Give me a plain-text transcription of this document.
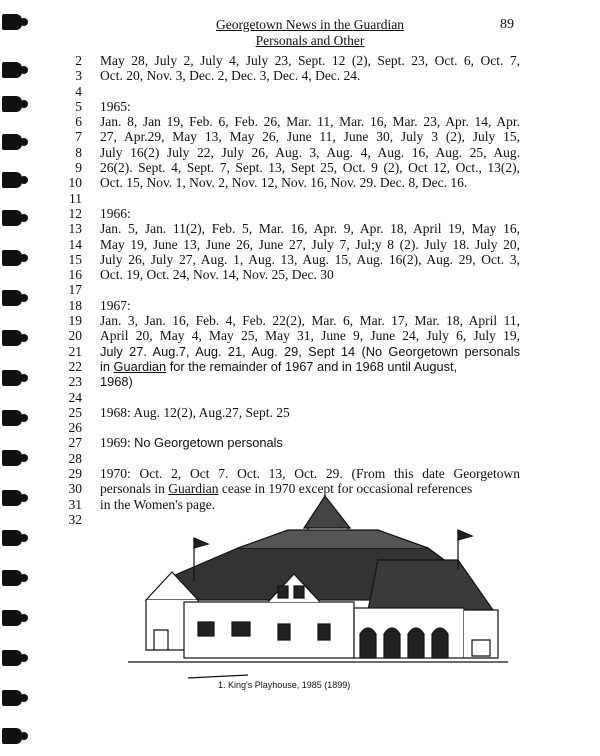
Georgetown News in the Guardian
Personals and Other
89
2
3
4
5
6
7
8
9
10
11
12
13
14
15
16
17
18
19
20
21
22
23
24
25
26
27
28
29
30
31
32
May 28, July 2, July 4, July 23, Sept. 12 (2), Sept. 23, Oct. 6, Oct. 7,
Oct. 20, Nov. 3, Dec. 2, Dec. 3, Dec. 4, Dec. 24.
1965:
Jan. 8, Jan 19, Feb. 6, Feb. 26, Mar. 11, Mar. 16, Mar. 23, Apr. 14, Apr.
27, Apr.29, May 13, May 26, June 11, June 30, July 3 (2), July 15,
July 16(2) July 22, July 26, Aug. 3, Aug. 4, Aug. 16, Aug. 25, Aug.
26(2). Sept. 4, Sept. 7, Sept. 13, Sept 25, Oct. 9 (2), Oct 12, Oct., 13(2),
Oct. 15, Nov. 1, Nov. 2, Nov. 12, Nov. 16, Nov. 29. Dec. 8, Dec. 16.
1966:
Jan. 5, Jan. 11(2), Feb. 5, Mar. 16, Apr. 9, Apr. 18, April 19, May 16,
May 19, June 13, June 26, June 27, July 7, Jul;y 8 (2). July 18. July 20,
July 26, July 27, Aug. 1, Aug. 13, Aug. 15, Aug. 16(2), Aug. 29, Oct. 3,
Oct. 19, Oct. 24, Nov. 14, Nov. 25, Dec. 30
1967:
Jan. 3, Jan. 16, Feb. 4, Feb. 22(2), Mar. 6, Mar. 17, Mar. 18, April 11,
April 20, May 4, May 25, May 31, June 9, June 24, July 6, July 19,
July 27. Aug.7, Aug. 21, Aug. 29, Sept 14 (No Georgetown personals
in Guardian for the remainder of 1967 and in 1968 until August,
1968)
1968: Aug. 12(2), Aug.27, Sept. 25
1969: No Georgetown personals
1970: Oct. 2, Oct 7. Oct. 13, Oct. 29. (From this date Georgetown
personals in Guardian cease in 1970 except for occasional references
in the Women's page.
1. King's Playhouse, 1985 (1899)
